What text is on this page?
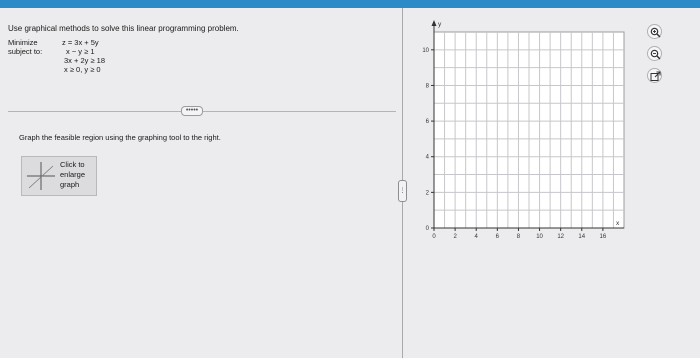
Use graphical methods to solve this linear programming problem.
Minimize
subject to:
z = 3x + 5y
x − y ≥ 1
3x + 2y ≥ 18
x ≥ 0, y ≥ 0
•••••
Graph the feasible region using the graphing tool to the right.
Click to
enlarge
graph
⋮
y
x
0	2	4	6	8	10 12 14 16
0
2
4
6
8
10
